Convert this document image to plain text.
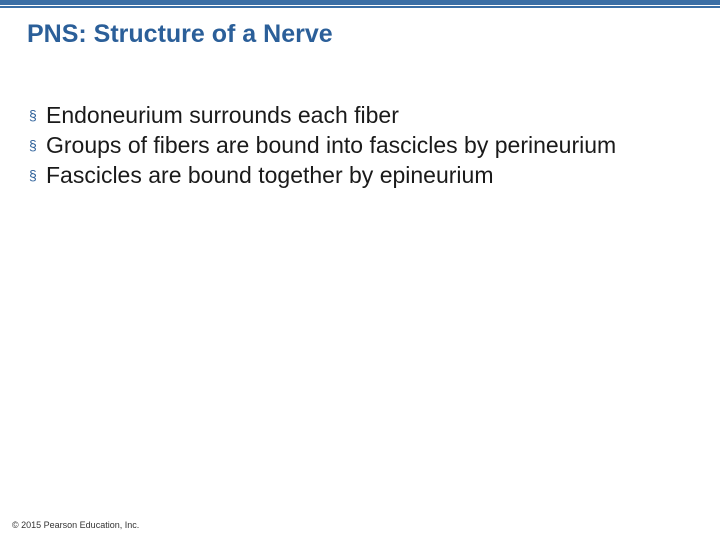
PNS: Structure of a Nerve
§ Endoneurium surrounds each fiber
§ Groups of fibers are bound into fascicles by perineurium
§ Fascicles are bound together by epineurium
© 2015 Pearson Education, Inc.
